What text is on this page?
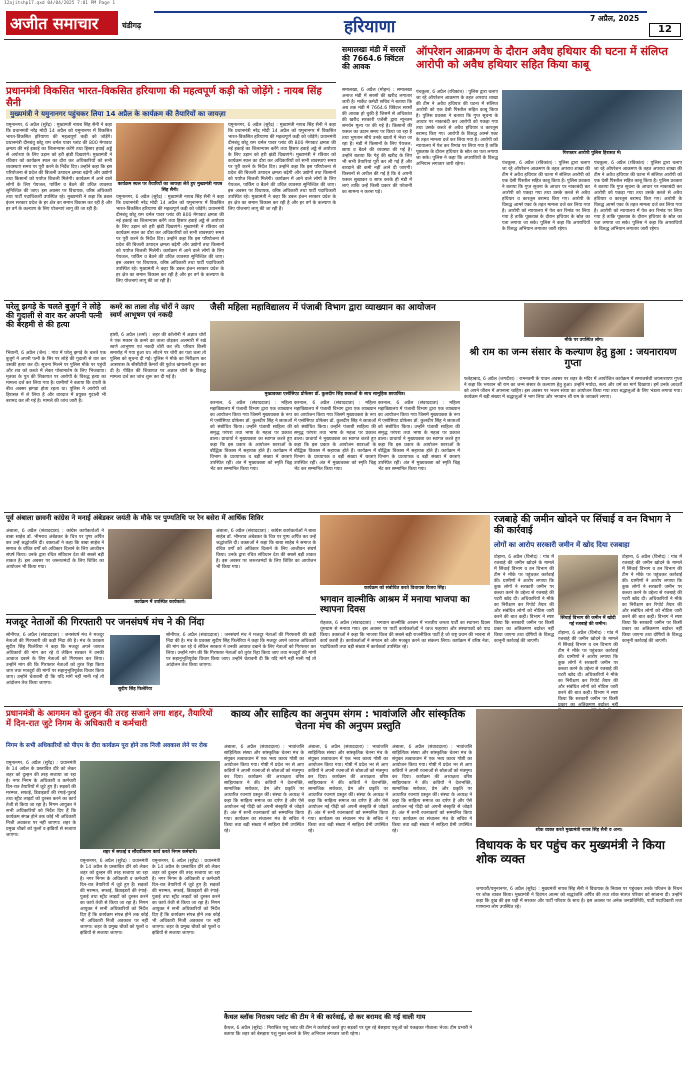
12ajitshp17.qxd 04/04/2025 7:01 PM Page 1
अजीत समाचार	चंडीगढ़	हरियाणा	7 अप्रैल, 2025
12
प्रधानमंत्री विकसित भारत-विकसित हरियाणा की महत्वपूर्ण कड़ी को जोड़ेंगे : नायब सिंह सैनी
मुख्यमंत्री ने यमुनानगर पहुंचकर लिया 14 अप्रैल के कार्यक्रम की तैयारियों का जायज़ा
यमुनानगर, 6 अप्रैल (सुरेंद्र) : मुख्यमंत्री नायब सिंह सैनी ने कहा कि प्रधानमंत्री नरेंद्र मोदी 14 अप्रैल को यमुनानगर में विकसित भारत-विकसित हरियाणा की महत्वपूर्ण कड़ी को जोड़ेंगे। प्रधानमंत्री दीनबंधु छोटू राम थर्मल पावर प्लांट की 800 मेगावाट क्षमता की नई इकाई का शिलान्यास करेंगे तथा हिसार हवाई अड्डे से अयोध्या के लिए उड़ान को हरी झंडी दिखाएंगे। मुख्यमंत्री ने रविवार को कार्यक्रम स्थल का दौरा कर अधिकारियों को सभी व्यवस्थाएं समय पर पूरी करने के निर्देश दिए। उन्होंने कहा कि इस परियोजना से प्रदेश की बिजली उत्पादन क्षमता बढ़ेगी और उद्योगों तथा किसानों को पर्याप्त बिजली मिलेगी। कार्यक्रम में आने वाले लोगों के लिए पेयजल, पार्किंग व बैठने की उचित व्यवस्था सुनिश्चित की जाए। इस अवसर पर विधायक, वरिष्ठ अधिकारी तथा पार्टी पदाधिकारी उपस्थित रहे। मुख्यमंत्री ने कहा कि डबल इंजन सरकार प्रदेश के हर क्षेत्र का समान विकास कर रही है और हर वर्ग के कल्याण के लिए योजनाएं लागू की जा रही हैं।
कार्यक्रम स्थल पर तैयारियों का जायज़ा लेते हुए मुख्यमंत्री नायब सिंह सैनी।
यमुनानगर, 6 अप्रैल (सुरेंद्र) : मुख्यमंत्री नायब सिंह सैनी ने कहा कि प्रधानमंत्री नरेंद्र मोदी 14 अप्रैल को यमुनानगर में विकसित भारत-विकसित हरियाणा की महत्वपूर्ण कड़ी को जोड़ेंगे। प्रधानमंत्री दीनबंधु छोटू राम थर्मल पावर प्लांट की 800 मेगावाट क्षमता की नई इकाई का शिलान्यास करेंगे तथा हिसार हवाई अड्डे से अयोध्या के लिए उड़ान को हरी झंडी दिखाएंगे। मुख्यमंत्री ने रविवार को कार्यक्रम स्थल का दौरा कर अधिकारियों को सभी व्यवस्थाएं समय पर पूरी करने के निर्देश दिए। उन्होंने कहा कि इस परियोजना से प्रदेश की बिजली उत्पादन क्षमता बढ़ेगी और उद्योगों तथा किसानों को पर्याप्त बिजली मिलेगी। कार्यक्रम में आने वाले लोगों के लिए पेयजल, पार्किंग व बैठने की उचित व्यवस्था सुनिश्चित की जाए। इस अवसर पर विधायक, वरिष्ठ अधिकारी तथा पार्टी पदाधिकारी उपस्थित रहे। मुख्यमंत्री ने कहा कि डबल इंजन सरकार प्रदेश के हर क्षेत्र का समान विकास कर रही है और हर वर्ग के कल्याण के लिए योजनाएं लागू की जा रही हैं।
यमुनानगर, 6 अप्रैल (सुरेंद्र) : मुख्यमंत्री नायब सिंह सैनी ने कहा कि प्रधानमंत्री नरेंद्र मोदी 14 अप्रैल को यमुनानगर में विकसित भारत-विकसित हरियाणा की महत्वपूर्ण कड़ी को जोड़ेंगे। प्रधानमंत्री दीनबंधु छोटू राम थर्मल पावर प्लांट की 800 मेगावाट क्षमता की नई इकाई का शिलान्यास करेंगे तथा हिसार हवाई अड्डे से अयोध्या के लिए उड़ान को हरी झंडी दिखाएंगे। मुख्यमंत्री ने रविवार को कार्यक्रम स्थल का दौरा कर अधिकारियों को सभी व्यवस्थाएं समय पर पूरी करने के निर्देश दिए। उन्होंने कहा कि इस परियोजना से प्रदेश की बिजली उत्पादन क्षमता बढ़ेगी और उद्योगों तथा किसानों को पर्याप्त बिजली मिलेगी। कार्यक्रम में आने वाले लोगों के लिए पेयजल, पार्किंग व बैठने की उचित व्यवस्था सुनिश्चित की जाए। इस अवसर पर विधायक, वरिष्ठ अधिकारी तथा पार्टी पदाधिकारी उपस्थित रहे। मुख्यमंत्री ने कहा कि डबल इंजन सरकार प्रदेश के हर क्षेत्र का समान विकास कर रही है और हर वर्ग के कल्याण के लिए योजनाएं लागू की जा रही हैं।
समालखा मंडी में सरसों की 7664.6 क्विंटल की आवक
समालखा, 6 अप्रैल (मोहन) : समालखा अनाज मंडी में सरसों की खरीद लगातार जारी है। मार्केट कमेटी सचिव ने बताया कि अब तक मंडी में 7664.6 क्विंटल सरसों की आवक हो चुकी है जिसमें से अधिकांश की खरीद सरकारी एजेंसी द्वारा न्यूनतम समर्थन मूल्य पर की गई है। किसानों की फसल का उठान समय पर किया जा रहा है तथा भुगतान सीधे उनके खातों में भेजा जा रहा है। मंडी में किसानों के लिए पेयजल, छाया व बैठने की व्यवस्था की गई है। उन्होंने बताया कि गेहूं की खरीद के लिए भी सभी तैयारियां पूरी कर ली गई हैं और बारदाने की कमी नहीं आने दी जाएगी। किसानों से अपील की गई है कि वे अपनी फसल सुखाकर व साफ करके ही मंडी में लाएं ताकि उन्हें किसी प्रकार की परेशानी का सामना न करना पड़े।
ऑपरेशन आक्रमण के दौरान अवैध हथियार की घटना में संलिप्त आरोपी को अवैध हथियार सहित किया काबू
पंचकूला, 6 अप्रैल (रविकांत) : पुलिस द्वारा चलाए जा रहे ऑपरेशन आक्रमण के तहत अपराध शाखा की टीम ने अवैध हथियार की घटना में संलिप्त आरोपी को एक देसी पिस्तौल सहित काबू किया है। पुलिस प्रवक्ता ने बताया कि गुप्त सूचना के आधार पर नाकाबंदी कर आरोपी को पकड़ा गया तथा उसके कब्जे से अवैध हथियार व कारतूस बरामद किए गए। आरोपी के विरुद्ध आर्म्स एक्ट के तहत मामला दर्ज कर लिया गया है। आरोपी को न्यायालय में पेश कर रिमांड पर लिया गया है ताकि पूछताछ के दौरान हथियार के स्रोत का पता लगाया जा सके। पुलिस ने कहा कि अपराधियों के विरुद्ध अभियान लगातार जारी रहेगा।
गिरफ्तार आरोपी पुलिस हिरासत में।
पंचकूला, 6 अप्रैल (रविकांत) : पुलिस द्वारा चलाए जा रहे ऑपरेशन आक्रमण के तहत अपराध शाखा की टीम ने अवैध हथियार की घटना में संलिप्त आरोपी को एक देसी पिस्तौल सहित काबू किया है। पुलिस प्रवक्ता ने बताया कि गुप्त सूचना के आधार पर नाकाबंदी कर आरोपी को पकड़ा गया तथा उसके कब्जे से अवैध हथियार व कारतूस बरामद किए गए। आरोपी के विरुद्ध आर्म्स एक्ट के तहत मामला दर्ज कर लिया गया है। आरोपी को न्यायालय में पेश कर रिमांड पर लिया गया है ताकि पूछताछ के दौरान हथियार के स्रोत का पता लगाया जा सके। पुलिस ने कहा कि अपराधियों के विरुद्ध अभियान लगातार जारी रहेगा।
पंचकूला, 6 अप्रैल (रविकांत) : पुलिस द्वारा चलाए जा रहे ऑपरेशन आक्रमण के तहत अपराध शाखा की टीम ने अवैध हथियार की घटना में संलिप्त आरोपी को एक देसी पिस्तौल सहित काबू किया है। पुलिस प्रवक्ता ने बताया कि गुप्त सूचना के आधार पर नाकाबंदी कर आरोपी को पकड़ा गया तथा उसके कब्जे से अवैध हथियार व कारतूस बरामद किए गए। आरोपी के विरुद्ध आर्म्स एक्ट के तहत मामला दर्ज कर लिया गया है। आरोपी को न्यायालय में पेश कर रिमांड पर लिया गया है ताकि पूछताछ के दौरान हथियार के स्रोत का पता लगाया जा सके। पुलिस ने कहा कि अपराधियों के विरुद्ध अभियान लगातार जारी रहेगा।
घरेलू झगड़े के चलते बुजुर्ग ने लोहे की गुदाली से वार कर अपनी पत्नी की बेरहमी से की हत्या
भिवानी, 6 अप्रैल (जैन) : गांव में घरेलू झगड़े के चलते एक बुजुर्ग ने अपनी पत्नी के सिर पर लोहे की गुदाली से वार कर उसकी हत्या कर दी। सूचना मिलने पर पुलिस मौके पर पहुंची और शव को कब्जे में लेकर पोस्टमार्टम के लिए भिजवाया। मृतका के पुत्र की शिकायत पर आरोपी के विरुद्ध हत्या का मामला दर्ज कर लिया गया है। ग्रामीणों ने बताया कि दंपती के बीच अक्सर झगड़ा होता रहता था। पुलिस ने आरोपी को हिरासत में ले लिया है और वारदात में प्रयुक्त गुदाली भी बरामद कर ली गई है। मामले की जांच जारी है।
कमरे का ताला तोड़ चोरों ने उड़ाए स्वर्ण आभूषण एवं नकदी
हांसी, 6 अप्रैल (शर्मा) : शहर की कॉलोनी में अज्ञात चोरों ने एक मकान के कमरे का ताला तोड़कर अलमारी में रखे स्वर्ण आभूषण एवं नकदी चोरी कर ली। परिवार किसी समारोह में गया हुआ था। लौटने पर चोरी का पता चला तो पुलिस को सूचना दी गई। पुलिस ने मौके का निरीक्षण कर आसपास के सीसीटीवी कैमरों की फुटेज खंगालनी शुरू कर दी है। पीड़ित की शिकायत पर अज्ञात चोरों के विरुद्ध मामला दर्ज कर जांच शुरू कर दी गई है।
जैसी महिला महाविद्यालय में पंजाबी विभाग द्वारा व्याख्यान का आयोजन
मुख्यवक्ता एसोसिएट प्रोफेसर डॉ. कुलदीप सिंह छात्राओं के साथ सामूहिक छायाचित्र।
करनाल, 6 अप्रैल (संवाददाता) : महिला महाविद्यालय में पंजाबी विभाग द्वारा एक व्याख्यान का आयोजन किया गया जिसमें मुख्यवक्ता के रूप में एसोसिएट प्रोफेसर डॉ. कुलदीप सिंह ने छात्राओं को संबोधित किया। उन्होंने पंजाबी साहित्य की समृद्ध परंपरा तथा भाषा के महत्व पर प्रकाश डाला। प्राचार्या ने मुख्यवक्ता का स्वागत करते हुए कहा कि इस प्रकार के आयोजन छात्राओं के बौद्धिक विकास में सहायक होते हैं। कार्यक्रम में विभाग के प्राध्यापक व बड़ी संख्या में छात्राएं उपस्थित रहीं। अंत में मुख्यवक्ता को स्मृति चिह्न भेंट कर सम्मानित किया गया।
करनाल, 6 अप्रैल (संवाददाता) : महिला महाविद्यालय में पंजाबी विभाग द्वारा एक व्याख्यान का आयोजन किया गया जिसमें मुख्यवक्ता के रूप में एसोसिएट प्रोफेसर डॉ. कुलदीप सिंह ने छात्राओं को संबोधित किया। उन्होंने पंजाबी साहित्य की समृद्ध परंपरा तथा भाषा के महत्व पर प्रकाश डाला। प्राचार्या ने मुख्यवक्ता का स्वागत करते हुए कहा कि इस प्रकार के आयोजन छात्राओं के बौद्धिक विकास में सहायक होते हैं। कार्यक्रम में विभाग के प्राध्यापक व बड़ी संख्या में छात्राएं उपस्थित रहीं। अंत में मुख्यवक्ता को स्मृति चिह्न भेंट कर सम्मानित किया गया।
करनाल, 6 अप्रैल (संवाददाता) : महिला महाविद्यालय में पंजाबी विभाग द्वारा एक व्याख्यान का आयोजन किया गया जिसमें मुख्यवक्ता के रूप में एसोसिएट प्रोफेसर डॉ. कुलदीप सिंह ने छात्राओं को संबोधित किया। उन्होंने पंजाबी साहित्य की समृद्ध परंपरा तथा भाषा के महत्व पर प्रकाश डाला। प्राचार्या ने मुख्यवक्ता का स्वागत करते हुए कहा कि इस प्रकार के आयोजन छात्राओं के बौद्धिक विकास में सहायक होते हैं। कार्यक्रम में विभाग के प्राध्यापक व बड़ी संख्या में छात्राएं उपस्थित रहीं। अंत में मुख्यवक्ता को स्मृति चिह्न भेंट कर सम्मानित किया गया।
मौके पर उपस्थित लोग।
श्री राम का जन्म संसार के कल्याण हेतु हुआ : जयनारायण गुप्ता
फतेहाबाद, 6 अप्रैल (जगदीश) : रामनवमी के पावन अवसर पर शहर के मंदिर में आयोजित कार्यक्रम में समाजसेवी जयनारायण गुप्ता ने कहा कि भगवान श्री राम का जन्म संसार के कल्याण हेतु हुआ। उन्होंने मर्यादा, सत्य और धर्म का मार्ग दिखाया। हमें उनके आदर्शों को अपने जीवन में अपनाना चाहिए। इस अवसर पर भजन संध्या का आयोजन किया गया तथा श्रद्धालुओं के लिए भंडारा लगाया गया। कार्यक्रम में बड़ी संख्या में श्रद्धालुओं ने भाग लिया और भगवान श्री राम के जयकारे लगाए।
पूर्व अंबाला छावनी कांग्रेस ने मनाई अंबेडकर जयंती के मौके पर पुण्यतिथि पर रेन बसेरा में आर्थिक शिविर
अंबाला, 6 अप्रैल (संवाददाता) : कांग्रेस कार्यकर्ताओं ने बाबा साहेब डॉ. भीमराव अंबेडकर के चित्र पर पुष्प अर्पित कर उन्हें श्रद्धांजलि दी। वक्ताओं ने कहा कि बाबा साहेब ने समाज के वंचित वर्गों को अधिकार दिलाने के लिए आजीवन संघर्ष किया। उनके द्वारा रचित संविधान देश की सबसे बड़ी ताकत है। इस अवसर पर जरूरतमंदों के लिए शिविर का आयोजन भी किया गया।
कार्यक्रम में उपस्थित कार्यकर्ता।
अंबाला, 6 अप्रैल (संवाददाता) : कांग्रेस कार्यकर्ताओं ने बाबा साहेब डॉ. भीमराव अंबेडकर के चित्र पर पुष्प अर्पित कर उन्हें श्रद्धांजलि दी। वक्ताओं ने कहा कि बाबा साहेब ने समाज के वंचित वर्गों को अधिकार दिलाने के लिए आजीवन संघर्ष किया। उनके द्वारा रचित संविधान देश की सबसे बड़ी ताकत है। इस अवसर पर जरूरतमंदों के लिए शिविर का आयोजन भी किया गया।
मजदूर नेताओं की गिरफ्तारी पर जनसंघर्ष मंच ने की निंदा
सोनीपत, 6 अप्रैल (संवाददाता) : जनसंघर्ष मंच ने मजदूर नेताओं की गिरफ्तारी की कड़ी निंदा की है। मंच के प्रवक्ता सुदीप सिंह फिलेरिया ने कहा कि मजदूर अपने जायज अधिकारों की मांग कर रहे थे लेकिन सरकार ने उनकी आवाज दबाने के लिए नेताओं को गिरफ्तार कर लिया। उन्होंने मांग की कि गिरफ्तार नेताओं को तुरंत रिहा किया जाए तथा मजदूरों की मांगों पर सहानुभूतिपूर्वक विचार किया जाए। उन्होंने चेतावनी दी कि यदि मांगें नहीं मानी गईं तो आंदोलन तेज किया जाएगा।
सुदीप सिंह फिलेरिया
सोनीपत, 6 अप्रैल (संवाददाता) : जनसंघर्ष मंच ने मजदूर नेताओं की गिरफ्तारी की कड़ी निंदा की है। मंच के प्रवक्ता सुदीप सिंह फिलेरिया ने कहा कि मजदूर अपने जायज अधिकारों की मांग कर रहे थे लेकिन सरकार ने उनकी आवाज दबाने के लिए नेताओं को गिरफ्तार कर लिया। उन्होंने मांग की कि गिरफ्तार नेताओं को तुरंत रिहा किया जाए तथा मजदूरों की मांगों पर सहानुभूतिपूर्वक विचार किया जाए। उन्होंने चेतावनी दी कि यदि मांगें नहीं मानी गईं तो आंदोलन तेज किया जाएगा।
कार्यक्रम को संबोधित करते विधायक विजय सिंह।
भगवान वाल्मीकि आश्रम में मनाया भाजपा का स्थापना दिवस
रोहतक, 6 अप्रैल (संवाददाता) : भगवान वाल्मीकि आश्रम में भारतीय जनता पार्टी का स्थापना दिवस धूमधाम से मनाया गया। इस अवसर पर पार्टी कार्यकर्ताओं ने ध्वज फहराया और संस्थापकों को याद किया। वक्ताओं ने कहा कि भाजपा विश्व की सबसे बड़ी राजनीतिक पार्टी है जो राष्ट्र प्रथम की भावना से कार्य करती है। कार्यकर्ताओं ने संगठन को और मजबूत करने का संकल्प लिया। कार्यक्रम में वरिष्ठ नेता, पदाधिकारी तथा बड़ी संख्या में कार्यकर्ता उपस्थित रहे।
रजबाहे की जमीन खोदने पर सिंचाई व वन विभाग ने की कार्रवाई
लोगों का आरोप सरकारी जमीन में खोद दिया रजबाहा
टोहाना, 6 अप्रैल (विनोद) : गांव में रजबाहे की जमीन खोदने के मामले में सिंचाई विभाग व वन विभाग की टीम ने मौके पर पहुंचकर कार्रवाई की। ग्रामीणों ने आरोप लगाया कि कुछ लोगों ने सरकारी जमीन पर कब्जा करने के उद्देश्य से रजबाहे की पटरी खोद दी। अधिकारियों ने मौके का निरीक्षण कर रिपोर्ट तैयार की और संबंधित लोगों को नोटिस जारी करने की बात कही। विभाग ने स्पष्ट किया कि सरकारी जमीन पर किसी प्रकार का अतिक्रमण बर्दाश्त नहीं किया जाएगा तथा दोषियों के विरुद्ध कानूनी कार्रवाई की जाएगी।
सिंचाई विभाग की जमीन में खोदी गई रजबाहे की जमीन।
टोहाना, 6 अप्रैल (विनोद) : गांव में रजबाहे की जमीन खोदने के मामले में सिंचाई विभाग व वन विभाग की टीम ने मौके पर पहुंचकर कार्रवाई की। ग्रामीणों ने आरोप लगाया कि कुछ लोगों ने सरकारी जमीन पर कब्जा करने के उद्देश्य से रजबाहे की पटरी खोद दी। अधिकारियों ने मौके का निरीक्षण कर रिपोर्ट तैयार की और संबंधित लोगों को नोटिस जारी करने की बात कही। विभाग ने स्पष्ट किया कि सरकारी जमीन पर किसी
टोहाना, 6 अप्रैल (विनोद) : गांव में रजबाहे की जमीन खोदने के मामले में सिंचाई विभाग व वन विभाग की टीम ने मौके पर पहुंचकर कार्रवाई की। ग्रामीणों ने आरोप लगाया कि कुछ लोगों ने सरकारी जमीन पर कब्जा करने के उद्देश्य से रजबाहे की पटरी खोद दी। अधिकारियों ने मौके का निरीक्षण कर रिपोर्ट तैयार की और संबंधित लोगों को नोटिस जारी करने की बात कही। विभाग ने स्पष्ट किया कि सरकारी जमीन पर किसी प्रकार का अतिक्रमण बर्दाश्त नहीं किया जाएगा तथा दोषियों के विरुद्ध कानूनी कार्रवाई की जाएगी।
प्रधानमंत्री के आगमन को दुल्हन की तरह सजाने लगा शहर, तैयारियों में दिन-रात जुटे निगम के अधिकारी व कर्मचारी
निगम के सभी अधिकारियों को पीएम के दौरा कार्यक्रम पूरा होने तक निजी अवकाश लेने पर रोक
यमुनानगर, 6 अप्रैल (सुरेंद्र) : प्रधानमंत्री के 14 अप्रैल के प्रस्तावित दौरे को लेकर शहर को दुल्हन की तरह सजाया जा रहा है। नगर निगम के अधिकारी व कर्मचारी दिन-रात तैयारियों में जुटे हुए हैं। सड़कों की मरम्मत, सफाई, डिवाइडरों की रंगाई-पुताई तथा स्ट्रीट लाइटों को दुरुस्त करने का कार्य तेजी से किया जा रहा है। निगम आयुक्त ने सभी अधिकारियों को निर्देश दिए हैं कि कार्यक्रम संपन्न होने तक कोई भी अधिकारी निजी अवकाश पर नहीं जाएगा। शहर के प्रमुख चौकों को फूलों व झंडियों से सजाया जाएगा।
शहर में सफाई व सौंदर्यीकरण कार्य करते निगम कर्मचारी।
यमुनानगर, 6 अप्रैल (सुरेंद्र) : प्रधानमंत्री के 14 अप्रैल के प्रस्तावित दौरे को लेकर शहर को दुल्हन की तरह सजाया जा रहा है। नगर निगम के अधिकारी व कर्मचारी दिन-रात तैयारियों में जुटे हुए हैं। सड़कों की मरम्मत, सफाई, डिवाइडरों की रंगाई-पुताई तथा स्ट्रीट लाइटों को दुरुस्त करने का कार्य तेजी से किया जा रहा है। निगम आयुक्त ने सभी अधिकारियों को निर्देश दिए हैं कि कार्यक्रम संपन्न होने तक कोई भी अधिकारी निजी अवकाश पर नहीं जाएगा। शहर के प्रमुख चौकों को फूलों व झंडियों से सजाया जाएगा।
यमुनानगर, 6 अप्रैल (सुरेंद्र) : प्रधानमंत्री के 14 अप्रैल के प्रस्तावित दौरे को लेकर शहर को दुल्हन की तरह सजाया जा रहा है। नगर निगम के अधिकारी व कर्मचारी दिन-रात तैयारियों में जुटे हुए हैं। सड़कों की मरम्मत, सफाई, डिवाइडरों की रंगाई-पुताई तथा स्ट्रीट लाइटों को दुरुस्त करने का कार्य तेजी से किया जा रहा है। निगम आयुक्त ने सभी अधिकारियों को निर्देश दिए हैं कि कार्यक्रम संपन्न होने तक कोई भी अधिकारी निजी अवकाश पर नहीं जाएगा। शहर के प्रमुख चौकों को फूलों व झंडियों से सजाया जाएगा।
काव्य और साहित्य का अनुपम संगम : भावांजलि और सांस्कृतिक चेतना मंच की अनुपम प्रस्तुति
अंबाला, 6 अप्रैल (संवाददाता) : भावांजलि साहित्यिक संस्था और सांस्कृतिक चेतना मंच के संयुक्त तत्वावधान में एक भव्य काव्य गोष्ठी का आयोजन किया गया। गोष्ठी में प्रदेश भर से आए कवियों ने अपनी रचनाओं से श्रोताओं को मंत्रमुग्ध कर दिया। कार्यक्रम की अध्यक्षता वरिष्ठ साहित्यकार ने की। कवियों ने देशभक्ति, सामाजिक सरोकार, प्रेम और प्रकृति पर आधारित रचनाएं प्रस्तुत कीं। संस्था के अध्यक्ष ने कहा कि साहित्य समाज का दर्पण है और ऐसे आयोजन नई पीढ़ी को अपनी संस्कृति से जोड़ते हैं। अंत में सभी रचनाकारों को सम्मानित किया गया। कार्यक्रम का संचालन मंच के सचिव ने किया तथा बड़ी संख्या में साहित्य प्रेमी उपस्थित रहे।
अंबाला, 6 अप्रैल (संवाददाता) : भावांजलि साहित्यिक संस्था और सांस्कृतिक चेतना मंच के संयुक्त तत्वावधान में एक भव्य काव्य गोष्ठी का आयोजन किया गया। गोष्ठी में प्रदेश भर से आए कवियों ने अपनी रचनाओं से श्रोताओं को मंत्रमुग्ध कर दिया। कार्यक्रम की अध्यक्षता वरिष्ठ साहित्यकार ने की। कवियों ने देशभक्ति, सामाजिक सरोकार, प्रेम और प्रकृति पर आधारित रचनाएं प्रस्तुत कीं। संस्था के अध्यक्ष ने कहा कि साहित्य समाज का दर्पण है और ऐसे आयोजन नई पीढ़ी को अपनी संस्कृति से जोड़ते हैं। अंत में सभी रचनाकारों को सम्मानित किया गया। कार्यक्रम का संचालन मंच के सचिव ने किया तथा बड़ी संख्या में साहित्य प्रेमी उपस्थित रहे।
अंबाला, 6 अप्रैल (संवाददाता) : भावांजलि साहित्यिक संस्था और सांस्कृतिक चेतना मंच के संयुक्त तत्वावधान में एक भव्य काव्य गोष्ठी का आयोजन किया गया। गोष्ठी में प्रदेश भर से आए कवियों ने अपनी रचनाओं से श्रोताओं को मंत्रमुग्ध कर दिया। कार्यक्रम की अध्यक्षता वरिष्ठ साहित्यकार ने की। कवियों ने देशभक्ति, सामाजिक सरोकार, प्रेम और प्रकृति पर आधारित रचनाएं प्रस्तुत कीं। संस्था के अध्यक्ष ने कहा कि साहित्य समाज का दर्पण है और ऐसे आयोजन नई पीढ़ी को अपनी संस्कृति से जोड़ते हैं। अंत में सभी रचनाकारों को सम्मानित किया गया। कार्यक्रम का संचालन मंच के सचिव ने किया तथा बड़ी संख्या में साहित्य प्रेमी उपस्थित रहे।
कैथल ब्लॉक निराश्रय प्लांट की टीम ने की कार्रवाई, दो कर बरामद की गई वाली गाय
कैथल, 6 अप्रैल (सुरेंद्र) : निराश्रित पशु प्लांट की टीम ने कार्रवाई करते हुए सड़कों पर घूम रहे बेसहारा पशुओं को पकड़कर गौशाला भेजा। टीम प्रभारी ने बताया कि शहर को बेसहारा पशु मुक्त बनाने के लिए अभियान लगातार जारी रहेगा।
शोक व्यक्त करते मुख्यमंत्री नायब सिंह सैनी व अन्य।
विधायक के घर पहुंच कर मुख्यमंत्री ने किया शोक व्यक्त
जगाधरी/यमुनानगर, 6 अप्रैल (सुरेंद्र) : मुख्यमंत्री नायब सिंह सैनी ने विधायक के निवास पर पहुंचकर उनके परिजन के निधन पर शोक व्यक्त किया। मुख्यमंत्री ने दिवंगत आत्मा को श्रद्धांजलि अर्पित की तथा शोक संतप्त परिवार को सांत्वना दी। उन्होंने कहा कि दुख की इस घड़ी में सरकार और पार्टी परिवार के साथ है। इस अवसर पर अनेक जनप्रतिनिधि, पार्टी पदाधिकारी तथा गणमान्य लोग उपस्थित रहे।
